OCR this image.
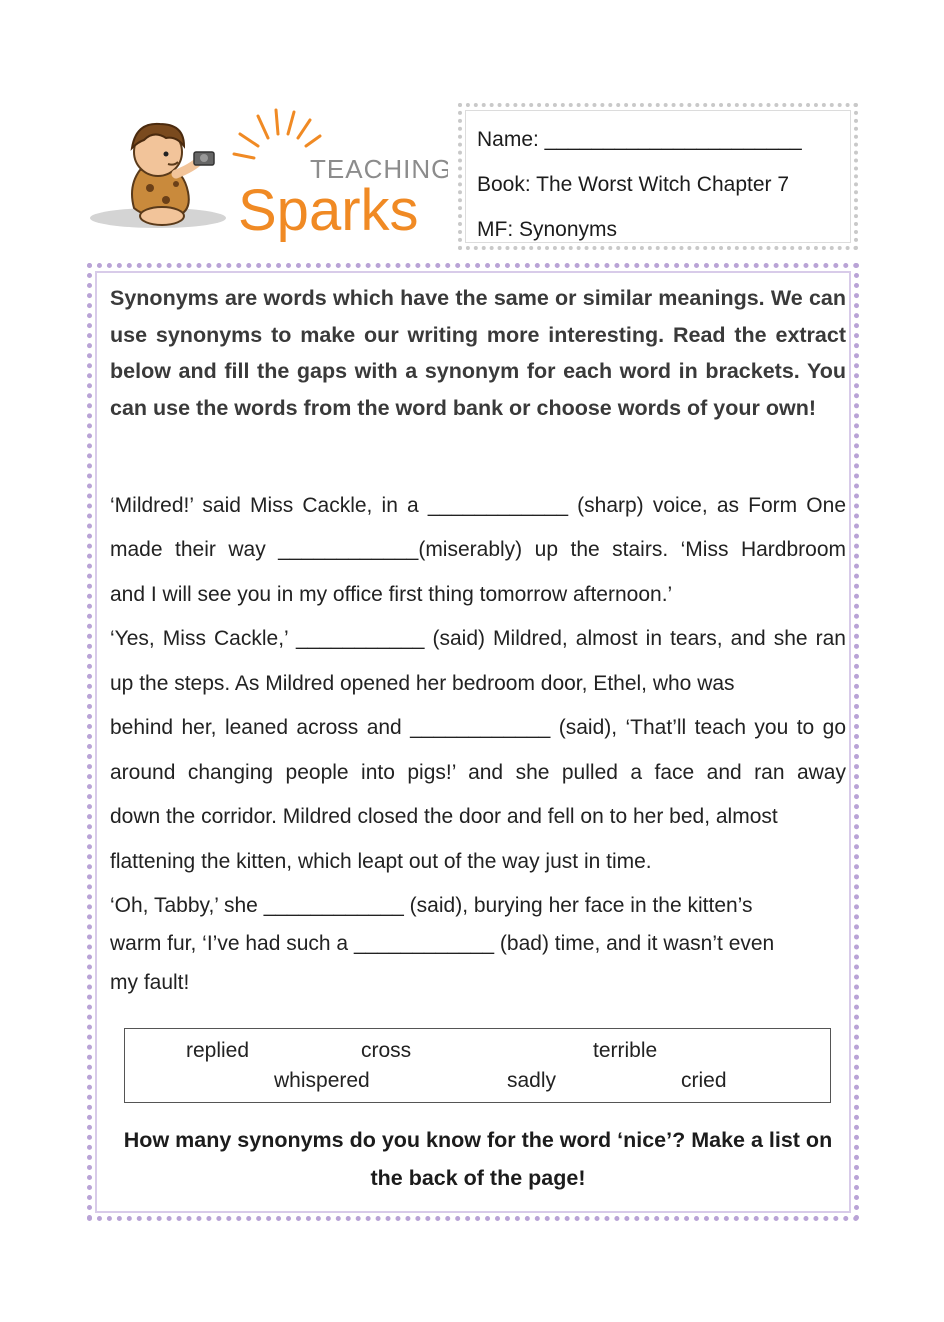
TEACHING
Sparks
Name: ______________________
Book: The Worst Witch Chapter 7
MF: Synonyms

Synonyms are words which have the same or similar meanings. We can use synonyms to make our writing more interesting. Read the extract below and fill the gaps with a synonym for each word in brackets. You can use the words from the word bank or choose words of your own!

‘Mildred!’ said Miss Cackle, in a ____________ (sharp) voice, as Form One
made their way ____________(miserably) up the stairs. ‘Miss Hardbroom
and I will see you in my office first thing tomorrow afternoon.’
‘Yes, Miss Cackle,’ ___________ (said) Mildred, almost in tears, and she ran
up the steps. As Mildred opened her bedroom door, Ethel, who was
behind her, leaned across and ____________ (said), ‘That’ll teach you to go
around changing people into pigs!’ and she pulled a face and ran away
down the corridor. Mildred closed the door and fell on to her bed, almost
flattening the kitten, which leapt out of the way just in time.
‘Oh, Tabby,’ she ____________ (said), burying her face in the kitten’s
warm fur, ‘I’ve had such a ____________ (bad) time, and it wasn’t even
my fault!
replied	cross	terrible
whispered	sadly	cried
How many synonyms do you know for the word ‘nice’? Make a list on the back of the page!
